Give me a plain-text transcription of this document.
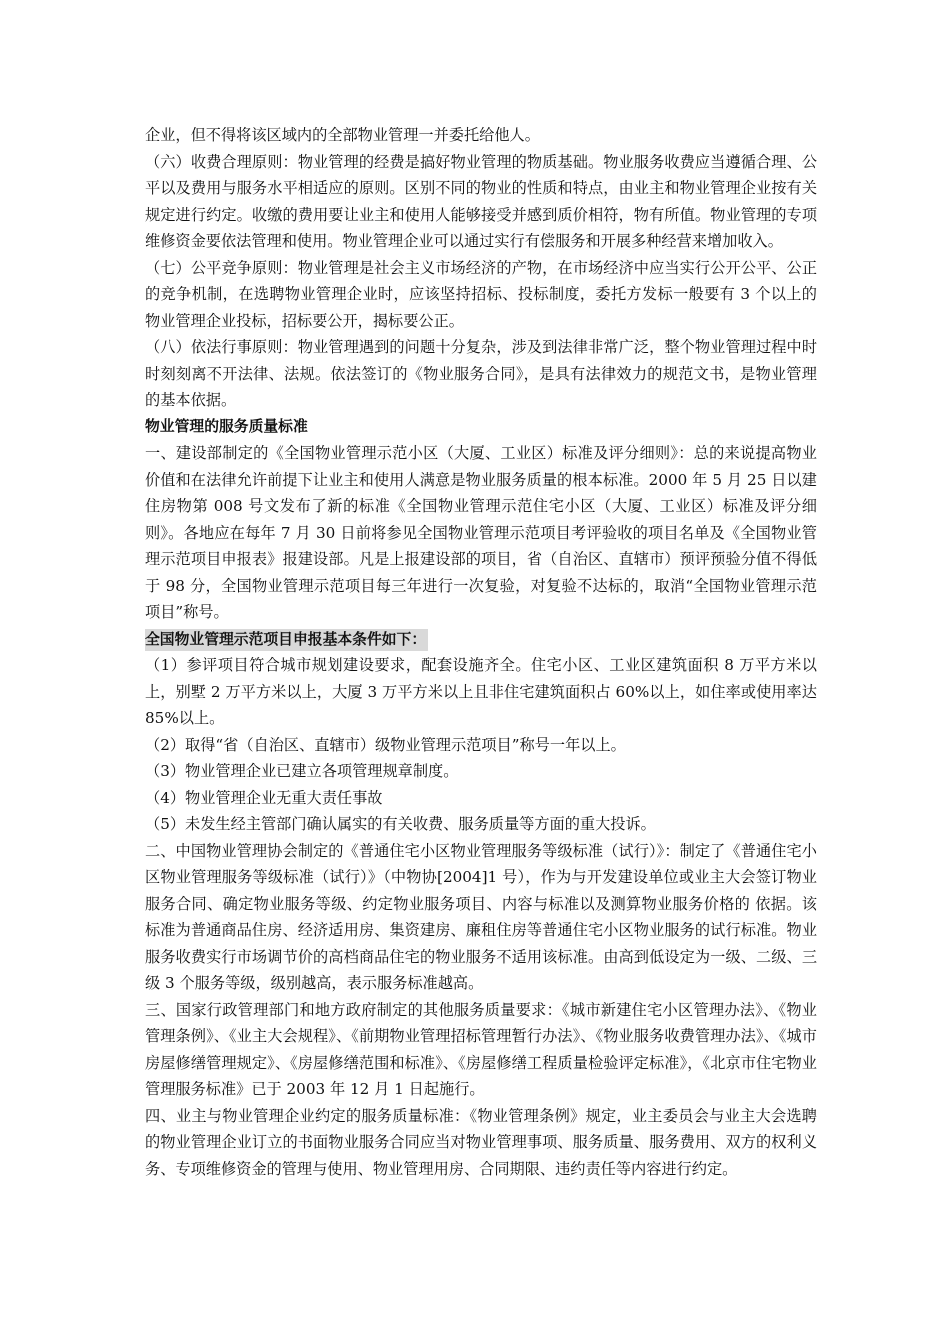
企业，但不得将该区域内的全部物业管理一并委托给他人。

（六）收费合理原则：物业管理的经费是搞好物业管理的物质基础。物业服务收费应当遵循合理、公平以及费用与服务水平相适应的原则。区别不同的物业的性质和特点，由业主和物业管理企业按有关规定进行约定。收缴的费用要让业主和使用人能够接受并感到质价相符，物有所值。物业管理的专项维修资金要依法管理和使用。物业管理企业可以通过实行有偿服务和开展多种经营来增加收入。

（七）公平竞争原则：物业管理是社会主义市场经济的产物，在市场经济中应当实行公开公平、公正的竞争机制，在选聘物业管理企业时，应该坚持招标、投标制度，委托方发标一般要有 3 个以上的物业管理企业投标，招标要公开，揭标要公正。

（八）依法行事原则：物业管理遇到的问题十分复杂，涉及到法律非常广泛，整个物业管理过程中时时刻刻离不开法律、法规。依法签订的《物业服务合同》，是具有法律效力的规范文书，是物业管理的基本依据。

物业管理的服务质量标准

一、建设部制定的《全国物业管理示范小区（大厦、工业区）标准及评分细则》：总的来说提高物业价值和在法律允许前提下让业主和使用人满意是物业服务质量的根本标准。2000 年 5 月 25 日以建住房物第 008 号文发布了新的标准《全国物业管理示范住宅小区（大厦、工业区）标准及评分细则》。各地应在每年 7 月 30 日前将参见全国物业管理示范项目考评验收的项目名单及《全国物业管理示范项目申报表》报建设部。凡是上报建设部的项目，省（自治区、直辖市）预评预验分值不得低于 98 分，全国物业管理示范项目每三年进行一次复验，对复验不达标的，取消“全国物业管理示范项目”称号。

全国物业管理示范项目申报基本条件如下：

（1）参评项目符合城市规划建设要求，配套设施齐全。住宅小区、工业区建筑面积 8 万平方米以上，别墅 2 万平方米以上，大厦 3 万平方米以上且非住宅建筑面积占 60%以上，如住率或使用率达 85%以上。

（2）取得“省（自治区、直辖市）级物业管理示范项目”称号一年以上。

（3）物业管理企业已建立各项管理规章制度。

（4）物业管理企业无重大责任事故

（5）未发生经主管部门确认属实的有关收费、服务质量等方面的重大投诉。

二、中国物业管理协会制定的《普通住宅小区物业管理服务等级标准（试行）》：制定了《普通住宅小区物业管理服务等级标准（试行）》（中物协[2004]1 号），作为与开发建设单位或业主大会签订物业服务合同、确定物业服务等级、约定物业服务项目、内容与标准以及测算物业服务价格的 依据。该标准为普通商品住房、经济适用房、集资建房、廉租住房等普通住宅小区物业服务的试行标准。物业服务收费实行市场调节价的高档商品住宅的物业服务不适用该标准。由高到低设定为一级、二级、三级 3 个服务等级，级别越高，表示服务标准越高。

三、国家行政管理部门和地方政府制定的其他服务质量要求：《城市新建住宅小区管理办法》、《物业管理条例》、《业主大会规程》、《前期物业管理招标管理暂行办法》、《物业服务收费管理办法》、《城市房屋修缮管理规定》、《房屋修缮范围和标准》、《房屋修缮工程质量检验评定标准》，《北京市住宅物业管理服务标准》已于 2003 年 12 月 1 日起施行。

四、业主与物业管理企业约定的服务质量标准：《物业管理条例》规定，业主委员会与业主大会选聘的物业管理企业订立的书面物业服务合同应当对物业管理事项、服务质量、服务费用、双方的权利义务、专项维修资金的管理与使用、物业管理用房、合同期限、违约责任等内容进行约定。
